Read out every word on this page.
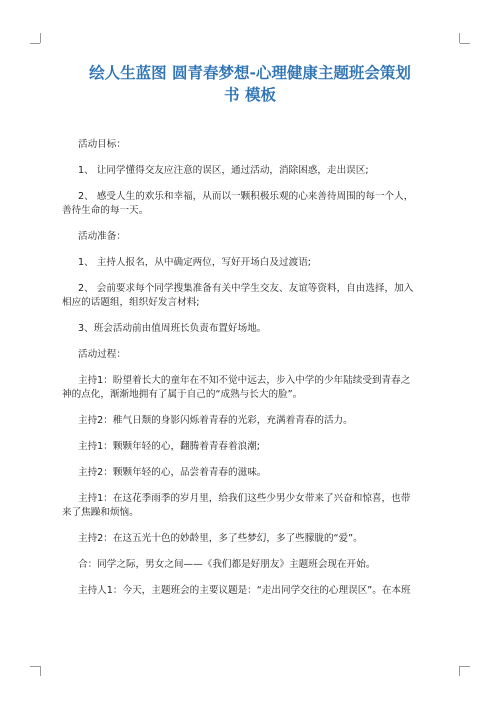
绘人生蓝图 圆青春梦想-心理健康主题班会策划
书 模板
活动目标：
1、 让同学懂得交友应注意的误区，通过活动，消除困惑，走出误区;
2、 感受人生的欢乐和幸福，从而以一颗积极乐观的心来善待周围的每一个人，
善待生命的每一天。
活动准备：
1、 主持人报名，从中确定两位，写好开场白及过渡语;
2、 会前要求每个同学搜集准备有关中学生交友、友谊等资料，自由选择，加入
相应的话题组，组织好发言材料;
3、班会活动前由值周班长负责布置好场地。
活动过程：
主持1：盼望着长大的童年在不知不觉中远去，步入中学的少年陆续受到青春之
神的点化，渐渐地拥有了属于自己的“成熟与长大的脸”。
主持2：稚气日颓的身影闪烁着青春的光彩，充满着青春的活力。
主持1：颗颗年轻的心，翻腾着青春着浪潮;
主持2：颗颗年轻的心，品尝着青春的滋味。
主持1：在这花季雨季的岁月里，给我们这些少男少女带来了兴奋和惊喜，也带
来了焦躁和烦恼。
主持2：在这五光十色的妙龄里，多了些梦幻，多了些朦胧的“爱”。
合：同学之际，男女之间——《我们都是好朋友》主题班会现在开始。
主持人1：今天，主题班会的主要议题是：“走出同学交往的心理误区”。在本班
